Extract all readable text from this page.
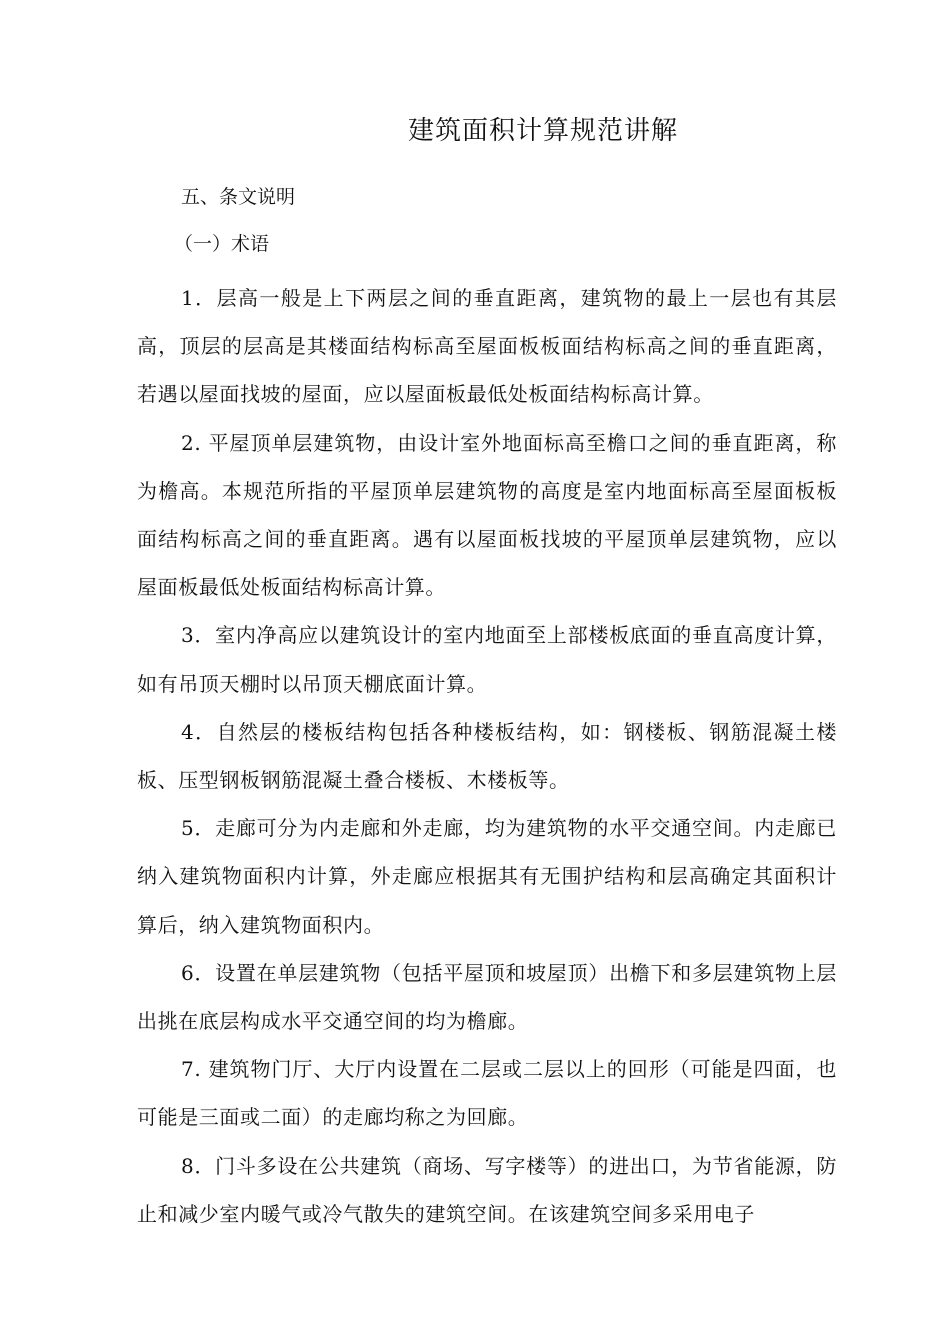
建筑面积计算规范讲解
五、条文说明
（一）术语

1．层高一般是上下两层之间的垂直距离，建筑物的最上一层也有其层高，顶层的层高是其楼面结构标高至屋面板板面结构标高之间的垂直距离，若遇以屋面找坡的屋面，应以屋面板最低处板面结构标高计算。

2. 平屋顶单层建筑物，由设计室外地面标高至檐口之间的垂直距离，称为檐高。本规范所指的平屋顶单层建筑物的高度是室内地面标高至屋面板板面结构标高之间的垂直距离。遇有以屋面板找坡的平屋顶单层建筑物，应以屋面板最低处板面结构标高计算。

3．室内净高应以建筑设计的室内地面至上部楼板底面的垂直高度计算，如有吊顶天棚时以吊顶天棚底面计算。

4．自然层的楼板结构包括各种楼板结构，如：钢楼板、钢筋混凝土楼板、压型钢板钢筋混凝土叠合楼板、木楼板等。

5．走廊可分为内走廊和外走廊，均为建筑物的水平交通空间。内走廊已纳入建筑物面积内计算，外走廊应根据其有无围护结构和层高确定其面积计算后，纳入建筑物面积内。

6．设置在单层建筑物（包括平屋顶和坡屋顶）出檐下和多层建筑物上层出挑在底层构成水平交通空间的均为檐廊。

7. 建筑物门厅、大厅内设置在二层或二层以上的回形（可能是四面，也可能是三面或二面）的走廊均称之为回廊。

8．门斗多设在公共建筑（商场、写字楼等）的进出口，为节省能源，防止和减少室内暖气或冷气散失的建筑空间。在该建筑空间多采用电子
